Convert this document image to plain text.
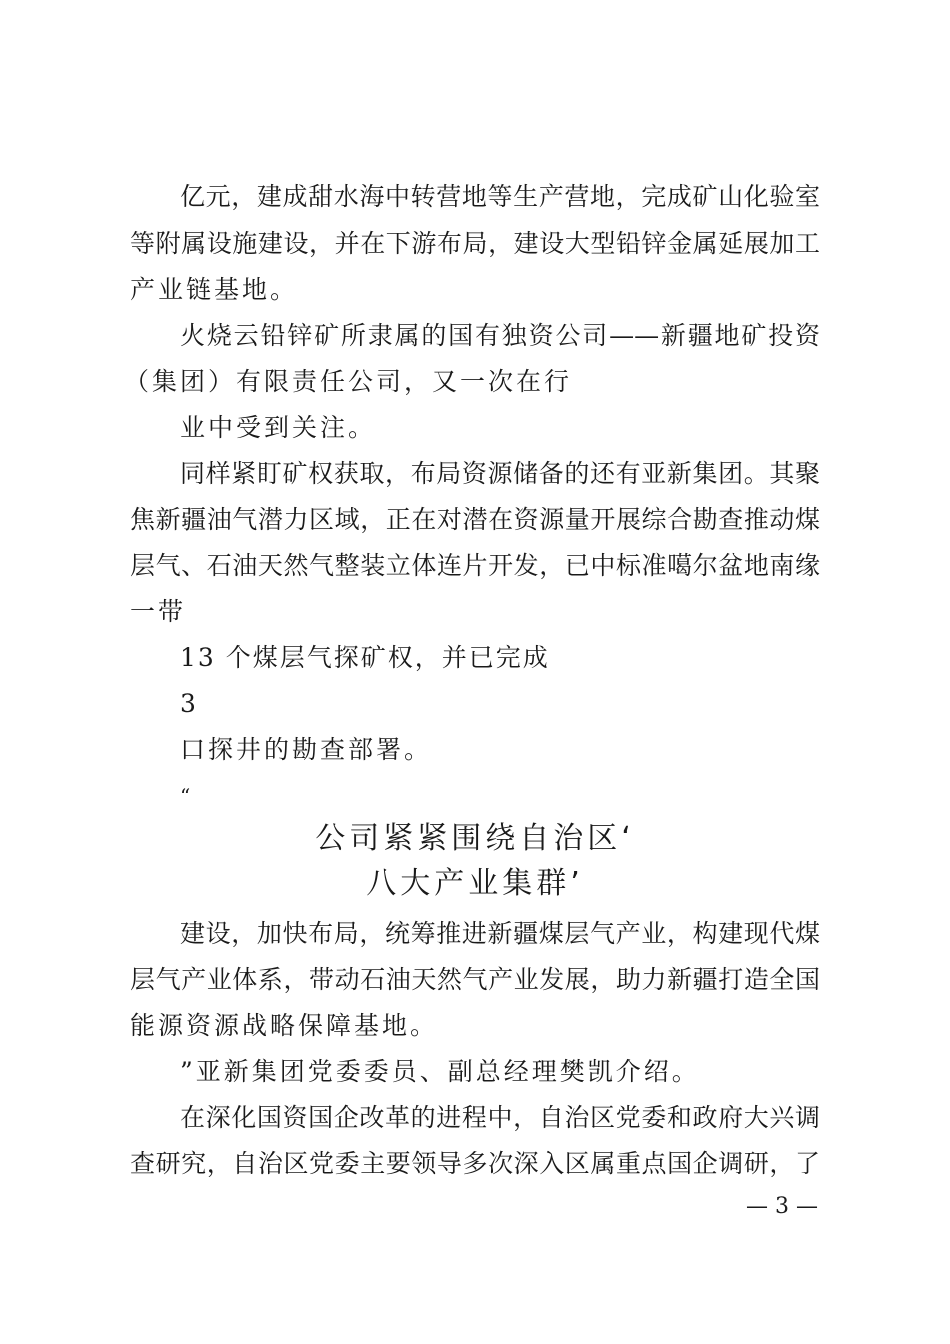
亿元，建成甜水海中转营地等生产营地，完成矿山化验室
等附属设施建设，并在下游布局，建设大型铅锌金属延展加工
产业链基地。
火烧云铅锌矿所隶属的国有独资公司——新疆地矿投资
（集团）有限责任公司，又一次在行
业中受到关注。
同样紧盯矿权获取，布局资源储备的还有亚新集团。其聚
焦新疆油气潜力区域，正在对潜在资源量开展综合勘查推动煤
层气、石油天然气整装立体连片开发，已中标准噶尔盆地南缘
一带
13 个煤层气探矿权，并已完成
3
口探井的勘查部署。
“
公司紧紧围绕自治区‘
八大产业集群’
建设，加快布局，统筹推进新疆煤层气产业，构建现代煤
层气产业体系，带动石油天然气产业发展，助力新疆打造全国
能源资源战略保障基地。
”亚新集团党委委员、副总经理樊凯介绍。
在深化国资国企改革的进程中，自治区党委和政府大兴调
查研究，自治区党委主要领导多次深入区属重点国企调研，了
— 3 —
